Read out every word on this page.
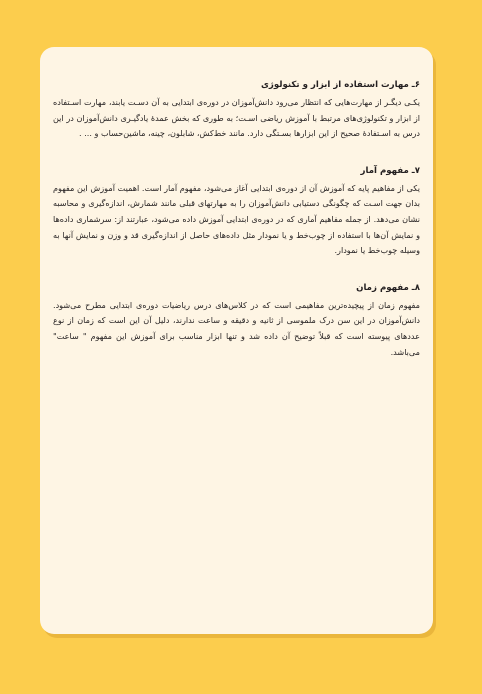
۶ـ مهارت استفاده از ابزار و تکنولوژی

یکـی دیگـر از مهارت‌هایی که انتظار می‌رود دانش‌آموزان در دوره‌ی ابتدایی به آن دسـت یابند، مهارت اسـتفاده از ابزار و تکنولوژی‌های مرتبط با آموزش ریاضی اسـت؛ به طوری که بخش عمدهٔ یادگیـری دانش‌آموزان در این درس به اسـتفادهٔ صحیح از این ابزارها بسـتگی دارد. مانند خط‌کش، شابلون، چینه، ماشین‌حساب و ... .

۷ـ مفهوم آمار

یکی از مفاهیم پایه که آموزش آن از دوره‌ی ابتدایی آغاز می‌شود، مفهوم آمار است. اهمیت آموزش این مفهوم بدان جهت اسـت که چگونگی دستیابی دانش‌آموزان را به مهارتهای قبلی مانند شمارش، اندازه‌گیری و محاسبه نشان می‌دهد. از جمله مفاهیم آماری که در دوره‌ی ابتدایی آموزش داده می‌شود، عبارتند از: سرشماری داده‌ها و نمایش آن‌ها با استفاده از چوب‌خط و یا نمودار مثل داده‌های حاصل از اندازه‌گیری قد و وزن و نمایش آنها به وسیله چوب‌خط یا نمودار.

۸ـ مفهوم زمان

مفهوم زمان از پیچیده‌ترین مفاهیمی است که در کلاس‌های درس ریاضیات دوره‌ی ابتدایی مطرح می‌شود. دانش‌آموزان در این سن درک ملموسی از ثانیه و دقیقه و ساعت ندارند، دلیل آن این است که زمان از نوع عددهای پیوسته است که قبلاً توضیح آن داده شد و تنها ابزار مناسب برای آموزش این مفهوم " ساعت" می‌باشد.
